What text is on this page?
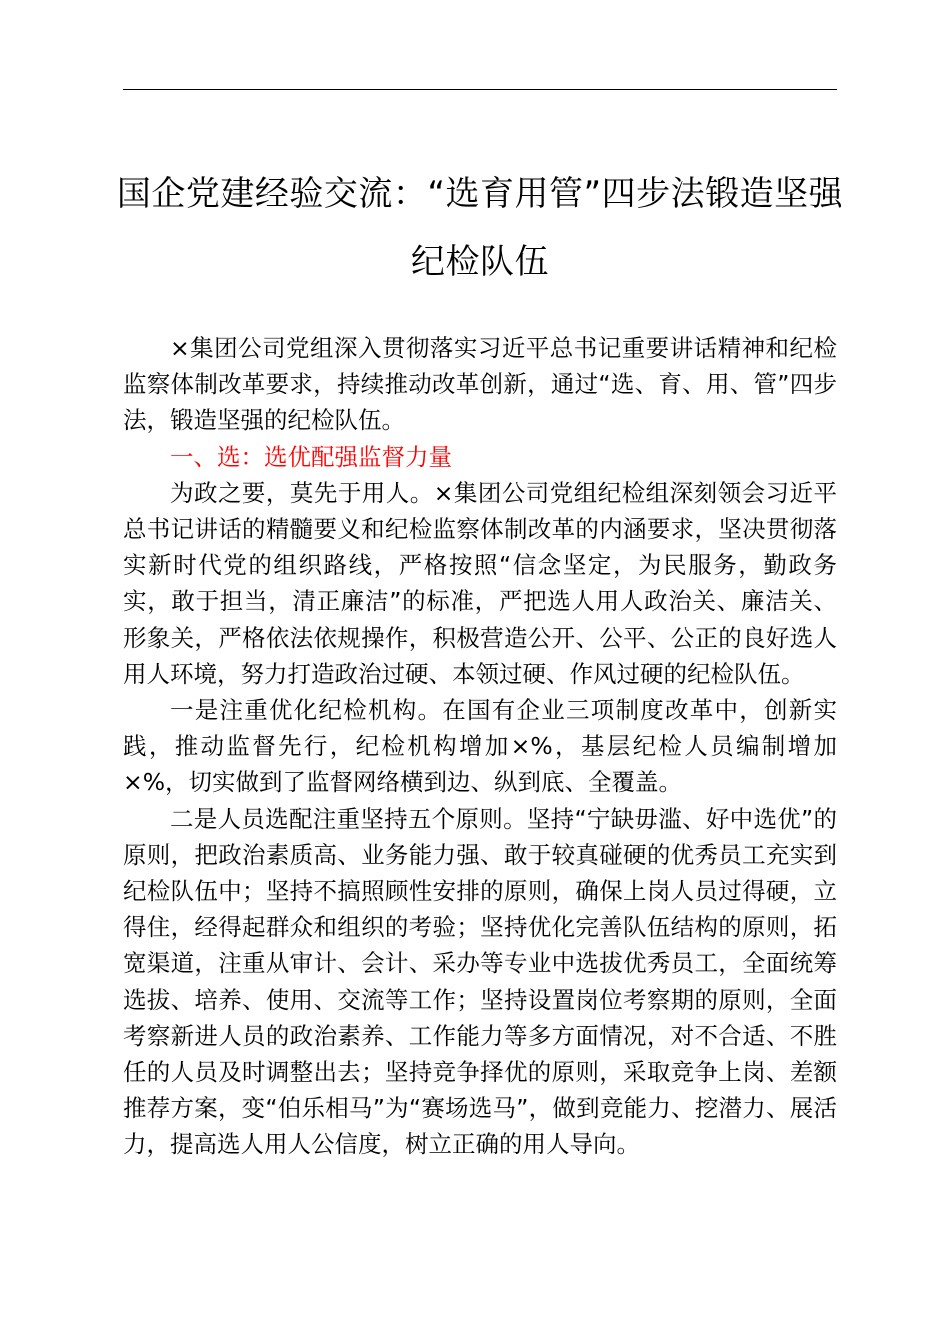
国企党建经验交流：“选育用管”四步法锻造坚强纪检队伍

×集团公司党组深入贯彻落实习近平总书记重要讲话精神和纪检监察体制改革要求，持续推动改革创新，通过“选、育、用、管”四步法，锻造坚强的纪检队伍。

一、选：选优配强监督力量

为政之要，莫先于用人。×集团公司党组纪检组深刻领会习近平总书记讲话的精髓要义和纪检监察体制改革的内涵要求，坚决贯彻落实新时代党的组织路线，严格按照“信念坚定，为民服务，勤政务实，敢于担当，清正廉洁”的标准，严把选人用人政治关、廉洁关、形象关，严格依法依规操作，积极营造公开、公平、公正的良好选人用人环境，努力打造政治过硬、本领过硬、作风过硬的纪检队伍。

一是注重优化纪检机构。在国有企业三项制度改革中，创新实践，推动监督先行，纪检机构增加×%，基层纪检人员编制增加×%，切实做到了监督网络横到边、纵到底、全覆盖。

二是人员选配注重坚持五个原则。坚持“宁缺毋滥、好中选优”的原则，把政治素质高、业务能力强、敢于较真碰硬的优秀员工充实到纪检队伍中；坚持不搞照顾性安排的原则，确保上岗人员过得硬，立得住，经得起群众和组织的考验；坚持优化完善队伍结构的原则，拓宽渠道，注重从审计、会计、采办等专业中选拔优秀员工，全面统筹选拔、培养、使用、交流等工作；坚持设置岗位考察期的原则，全面考察新进人员的政治素养、工作能力等多方面情况，对不合适、不胜任的人员及时调整出去；坚持竞争择优的原则，采取竞争上岗、差额推荐方案，变“伯乐相马”为“赛场选马”，做到竞能力、挖潜力、展活力，提高选人用人公信度，树立正确的用人导向。
